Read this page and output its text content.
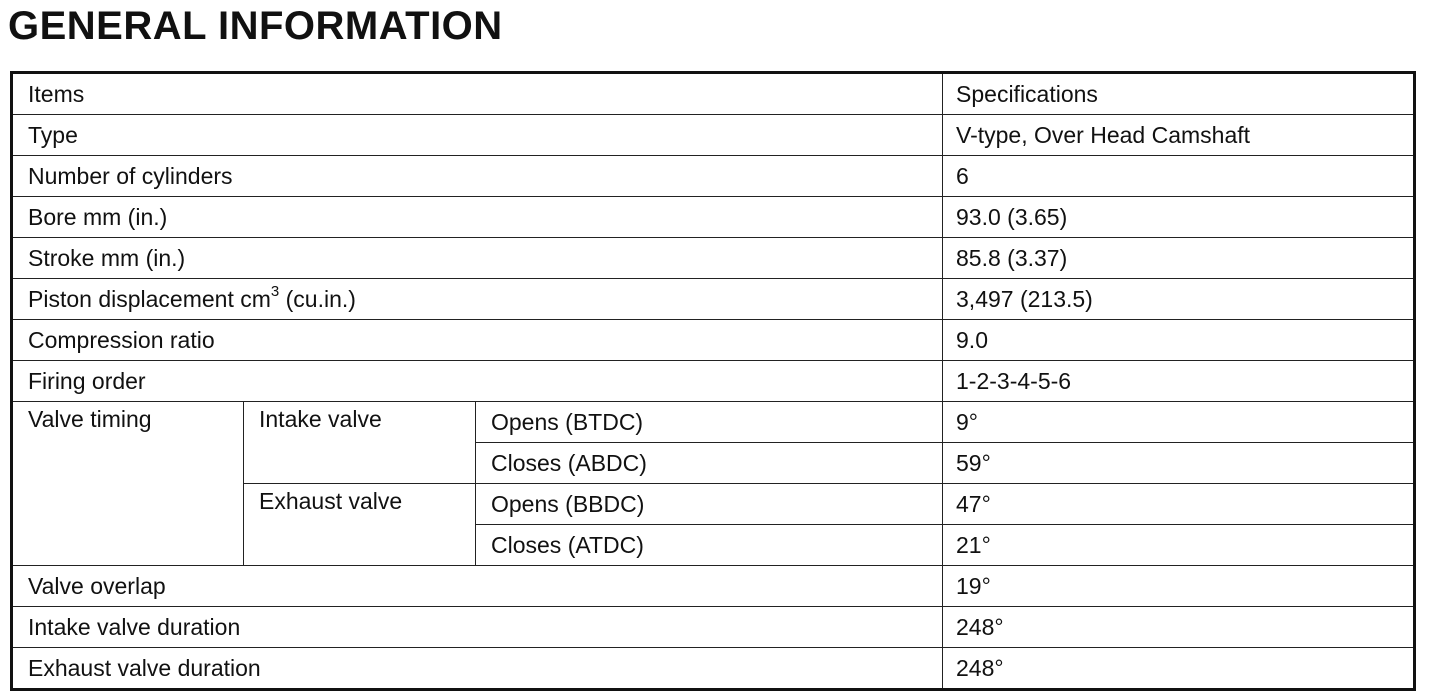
GENERAL INFORMATION
Items			Specifications
Type			V-type, Over Head Camshaft
Number of cylinders			6
Bore mm (in.)			93.0 (3.65)
Stroke mm (in.)			85.8 (3.37)
Piston displacement $cm^3$ (cu.in.)			3,497 (213.5)
Compression ratio			9.0
Firing order			1-2-3-4-5-6
Valve timing	Intake valve	Opens (BTDC)	9°
		Closes (ABDC)	59°
	Exhaust valve	Opens (BBDC)	47°
		Closes (ATDC)	21°
Valve overlap			19°
Intake valve duration			248°
Exhaust valve duration			248°
